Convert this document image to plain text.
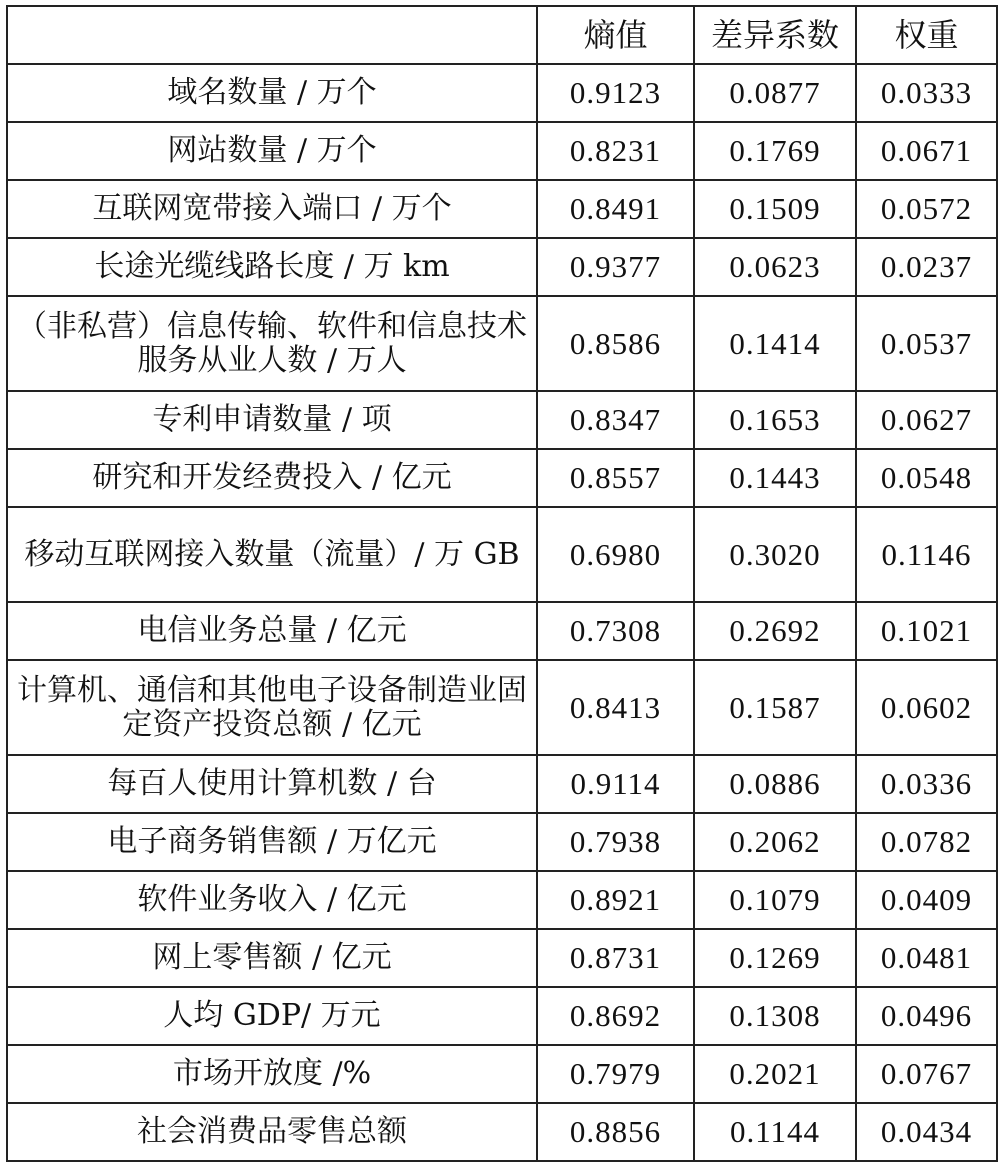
	熵值	差异系数	权重
域名数量 / 万个	0.9123	0.0877	0.0333
网站数量 / 万个	0.8231	0.1769	0.0671
互联网宽带接入端口 / 万个	0.8491	0.1509	0.0572
长途光缆线路长度 / 万 km	0.9377	0.0623	0.0237
（非私营）信息传输、软件和信息技术服务从业人数 / 万人	0.8586	0.1414	0.0537
专利申请数量 / 项	0.8347	0.1653	0.0627
研究和开发经费投入 / 亿元	0.8557	0.1443	0.0548
移动互联网接入数量（流量）/ 万 GB	0.6980	0.3020	0.1146
电信业务总量 / 亿元	0.7308	0.2692	0.1021
计算机、通信和其他电子设备制造业固定资产投资总额 / 亿元	0.8413	0.1587	0.0602
每百人使用计算机数 / 台	0.9114	0.0886	0.0336
电子商务销售额 / 万亿元	0.7938	0.2062	0.0782
软件业务收入 / 亿元	0.8921	0.1079	0.0409
网上零售额 / 亿元	0.8731	0.1269	0.0481
人均 GDP/ 万元	0.8692	0.1308	0.0496
市场开放度 /%	0.7979	0.2021	0.0767
社会消费品零售总额	0.8856	0.1144	0.0434
